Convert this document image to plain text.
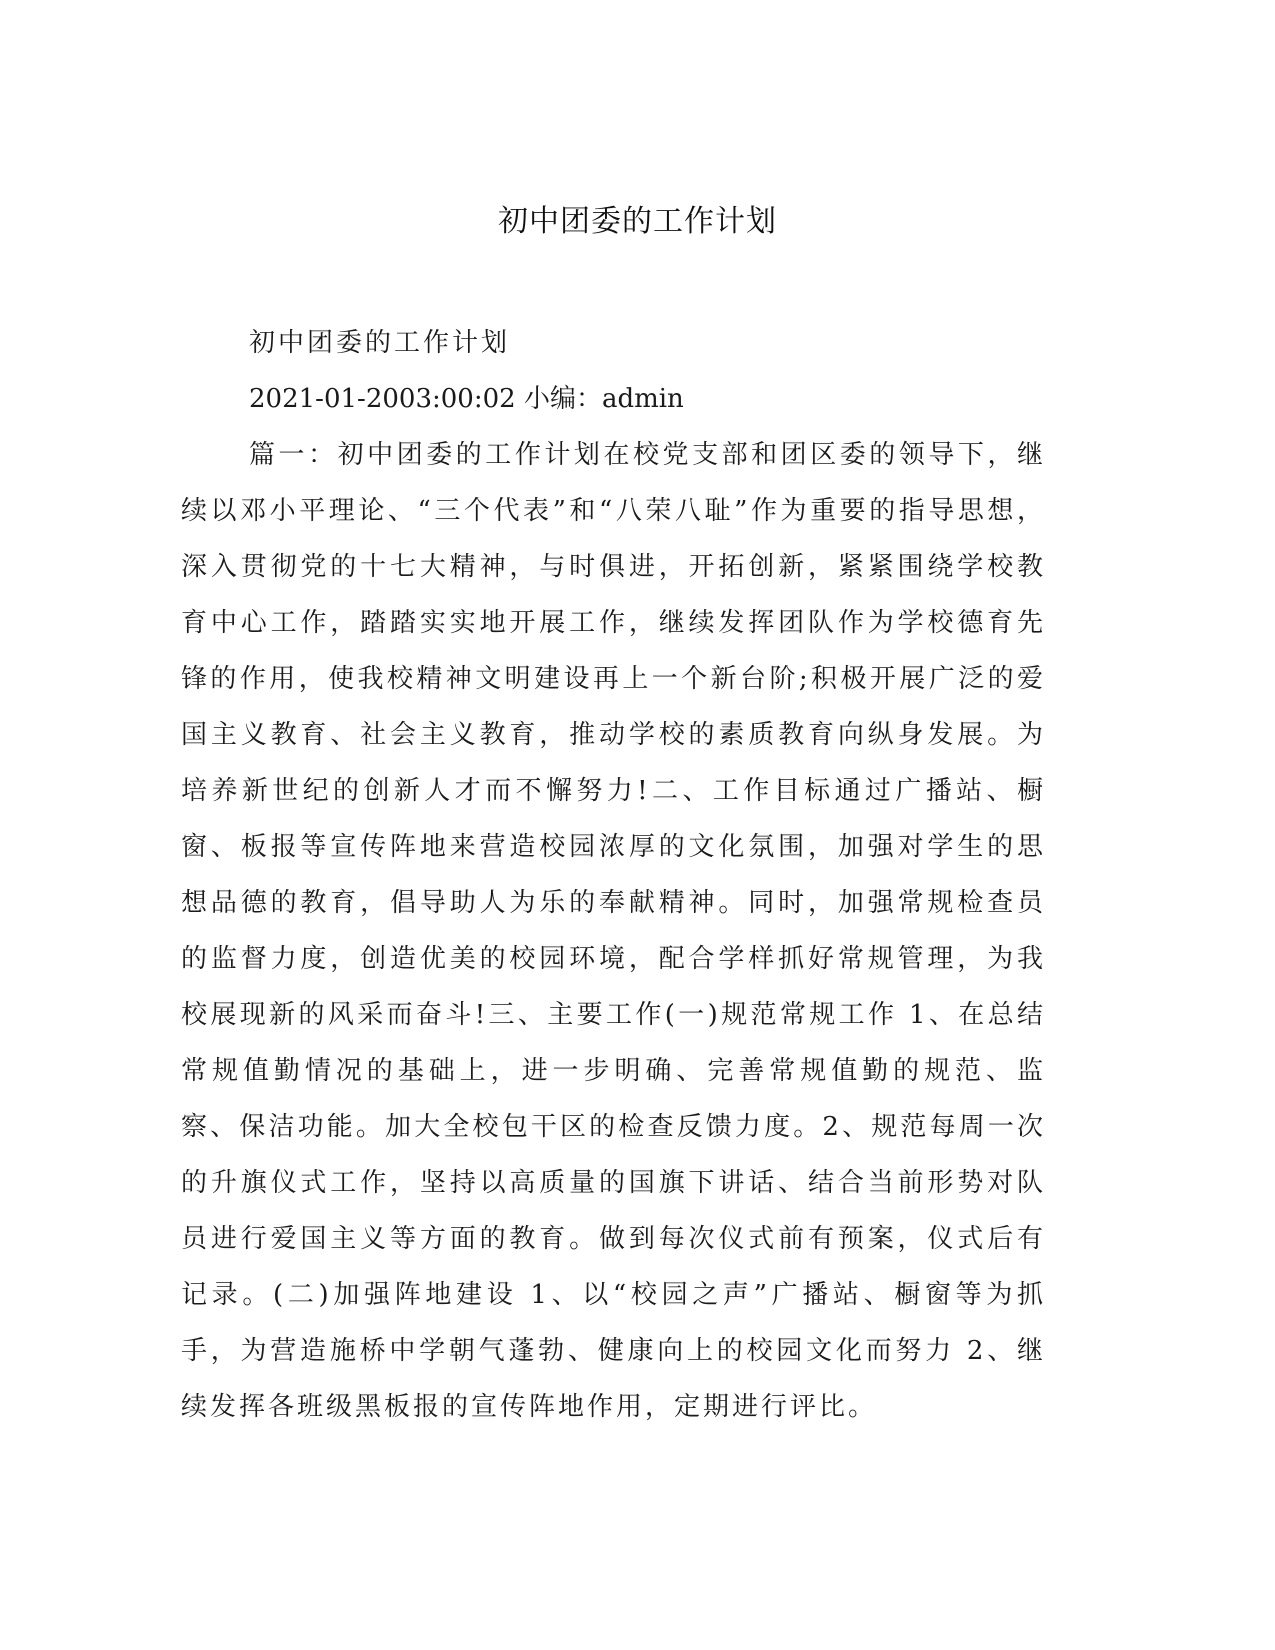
初中团委的工作计划

初中团委的工作计划

2021-01-2003:00:02 小编：admin

篇一：初中团委的工作计划在校党支部和团区委的领导下，继续以邓小平理论、“三个代表”和“八荣八耻”作为重要的指导思想，深入贯彻党的十七大精神，与时俱进，开拓创新，紧紧围绕学校教育中心工作，踏踏实实地开展工作，继续发挥团队作为学校德育先锋的作用，使我校精神文明建设再上一个新台阶;积极开展广泛的爱国主义教育、社会主义教育，推动学校的素质教育向纵身发展。为培养新世纪的创新人才而不懈努力!二、工作目标通过广播站、橱窗、板报等宣传阵地来营造校园浓厚的文化氛围，加强对学生的思想品德的教育，倡导助人为乐的奉献精神。同时，加强常规检查员的监督力度，创造优美的校园环境，配合学样抓好常规管理，为我校展现新的风采而奋斗!三、主要工作(一)规范常规工作 1、在总结常规值勤情况的基础上，进一步明确、完善常规值勤的规范、监察、保洁功能。加大全校包干区的检查反馈力度。2、规范每周一次的升旗仪式工作，坚持以高质量的国旗下讲话、结合当前形势对队员进行爱国主义等方面的教育。做到每次仪式前有预案，仪式后有记录。(二)加强阵地建设 1、以“校园之声”广播站、橱窗等为抓手，为营造施桥中学朝气蓬勃、健康向上的校园文化而努力 2、继续发挥各班级黑板报的宣传阵地作用，定期进行评比。
